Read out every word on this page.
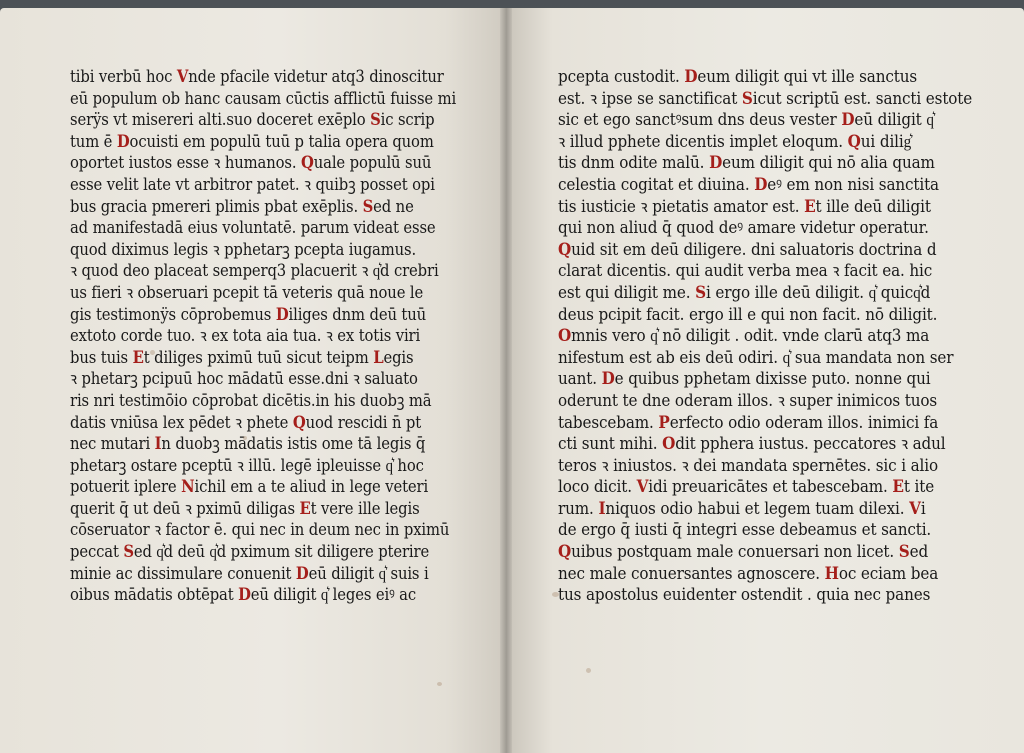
tibi verbū hoc Vnde pfacile videtur atq3 dinoscitur
eū populum ob hanc causam cūctis afflictū fuisse mi
serÿs vt misereri alti.suo doceret exēplo Sic scrip
tum ē Docuisti em populū tuū p talia opera quom
oportet iustos esse ꝛ humanos. Quale populū suū
esse velit late vt arbitror patet. ꝛ quibꝫ posset opi
bus gracia pmereri plimis pbat exēplis. Sed ne
ad manifestadā eius voluntatē. parum videat esse
quod diximus legis ꝛ pphetarꝫ pcepta iugamus.
ꝛ quod deo placeat semperq3 placuerit ꝛ q͛d crebri
us fieri ꝛ obseruari pcepit tā veteris quā noue le
gis testimonÿs cōprobemus Diliges dnm deū tuū
extoto corde tuo. ꝛ ex tota aia tua. ꝛ ex totis viri
bus tuis Et diliges pximū tuū sicut teipm Legis
ꝛ phetarꝫ pcipuū hoc mādatū esse.dni ꝛ saluato
ris nri testimōio cōprobat dicētis.in his duobꝫ mā
datis vniūsa lex pēdet ꝛ phete Quod rescidi n̄ pt
nec mutari In duobꝫ mādatis istis ome tā legis q̄
phetarꝫ ostare pceptū ꝛ illū. legē ipleuisse q͛ hoc
potuerit iplere Nichil em a te aliud in lege veteri
querit q̄ ut deū ꝛ pximū diligas Et vere ille legis
cōseruator ꝛ factor ē. qui nec in deum nec in pximū
peccat Sed q͛d deū q͛d pximum sit diligere pterire
minie ac dissimulare conuenit Deū diligit q͛ suis i
oibus mādatis obtēpat Deū diligit q͛ leges eiꝰ ac
pcepta custodit. Deum diligit qui vt ille sanctus
est. ꝛ ipse se sanctificat Sicut scriptū est. sancti estote
sic et ego sanctꝰsum dns deus vester Deū diligit q͛
ꝛ illud pphete dicentis implet eloqum. Qui dilig͛
tis dnm odite malū. Deum diligit qui nō alia quam
celestia cogitat et diuina. Deꝰ em non nisi sanctita
tis iusticie ꝛ pietatis amator est. Et ille deū diligit
qui non aliud q̄ quod deꝰ amare videtur operatur.
Quid sit em deū diligere. dni saluatoris doctrina d
clarat dicentis. qui audit verba mea ꝛ facit ea. hic
est qui diligit me. Si ergo ille deū diligit. q͛ quicq͛d
deus pcipit facit. ergo ill e qui non facit. nō diligit.
Omnis vero q͛ nō diligit . odit. vnde clarū atq3 ma
nifestum est ab eis deū odiri. q͛ sua mandata non ser
uant. De quibus pphetam dixisse puto. nonne qui
oderunt te dne oderam illos. ꝛ super inimicos tuos
tabescebam. Perfecto odio oderam illos. inimici fa
cti sunt mihi. Odit pphera iustus. peccatores ꝛ adul
teros ꝛ iniustos. ꝛ dei mandata spernētes. sic i alio
loco dicit. Vidi preuaricātes et tabescebam. Et ite
rum. Iniquos odio habui et legem tuam dilexi. Vi
de ergo q̄ iusti q̄ integri esse debeamus et sancti.
Quibus postquam male conuersari non licet. Sed
nec male conuersantes agnoscere. Hoc eciam bea
tus apostolus euidenter ostendit . quia nec panes
